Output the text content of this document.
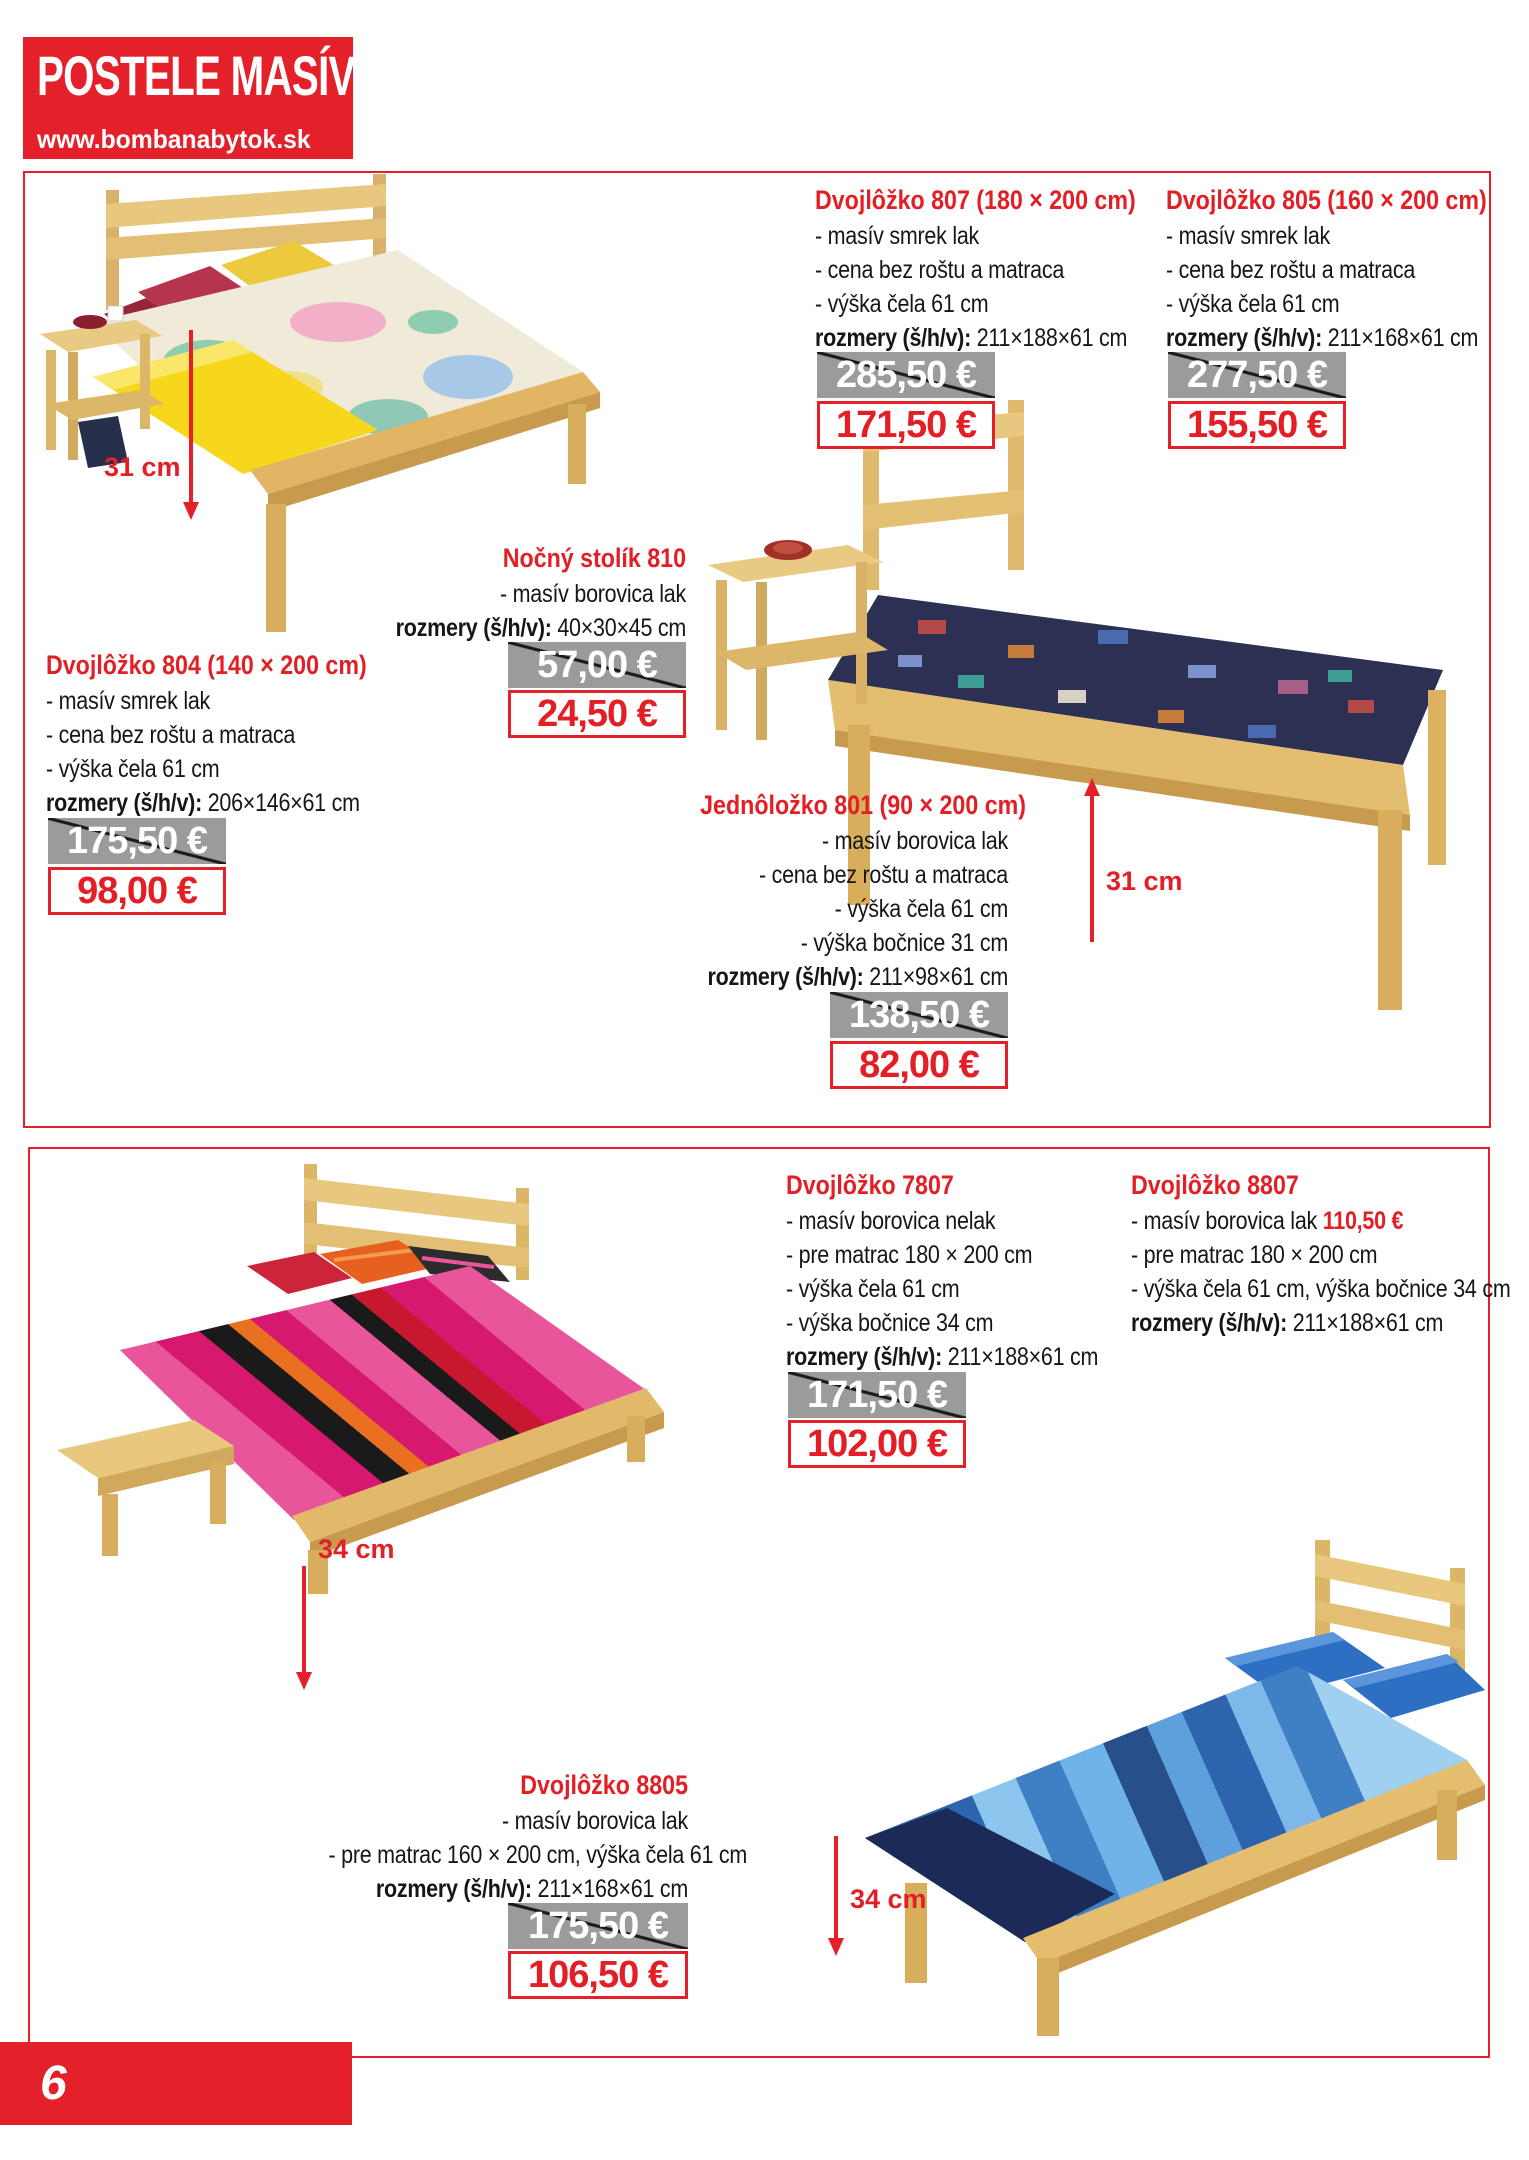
POSTELE MASÍV
www.bombanabytok.sk
31 cm
31 cm
34 cm
34 cm
Dvojlôžko 807 (180 × 200 cm)
- masív smrek lak
- cena bez roštu a matraca
- výška čela 61 cm
rozmery (š/h/v): 211×188×61 cm
285,50 €
171,50 €
Dvojlôžko 805 (160 × 200 cm)
- masív smrek lak
- cena bez roštu a matraca
- výška čela 61 cm
rozmery (š/h/v): 211×168×61 cm
277,50 €
155,50 €
Dvojlôžko 804 (140 × 200 cm)
- masív smrek lak
- cena bez roštu a matraca
- výška čela 61 cm
rozmery (š/h/v): 206×146×61 cm
175,50 €
98,00 €
Nočný stolík 810
- masív borovica lak
rozmery (š/h/v): 40×30×45 cm
57,00 €
24,50 €
Jednôložko 801 (90 × 200 cm)
- masív borovica lak
- cena bez roštu a matraca
- výška čela 61 cm
- výška bočnice 31 cm
rozmery (š/h/v): 211×98×61 cm
138,50 €
82,00 €
Dvojlôžko 7807
- masív borovica nelak
- pre matrac 180 × 200 cm
- výška čela 61 cm
- výška bočnice 34 cm
rozmery (š/h/v): 211×188×61 cm
171,50 €
102,00 €
Dvojlôžko 8807
- masív borovica lak 110,50 €
- pre matrac 180 × 200 cm
- výška čela 61 cm, výška bočnice 34 cm
rozmery (š/h/v): 211×188×61 cm
Dvojlôžko 8805
- masív borovica lak
- pre matrac 160 × 200 cm, výška čela 61 cm
rozmery (š/h/v): 211×168×61 cm
175,50 €
106,50 €
6
